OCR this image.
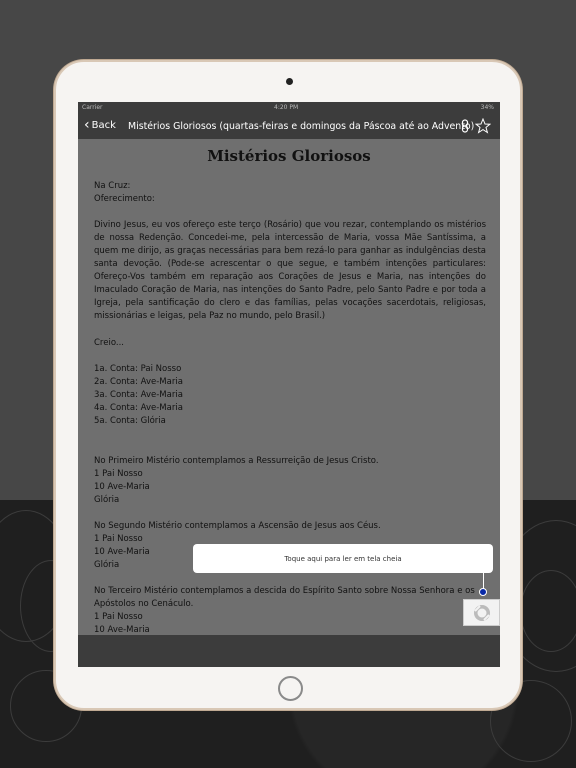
Carrier	4:20 PM	34%
‹ Back Mistérios Gloriosos (quartas-feiras e domingos da Páscoa até ao Advento)
Mistérios Gloriosos
Na Cruz:
Oferecimento:
Divino Jesus, eu vos ofereço este terço (Rosário) que vou rezar, contemplando os mistérios de nossa Redenção. Concedei-me, pela intercessão de Maria, vossa Mãe Santíssima, a quem me dirijo, as graças necessárias para bem rezá-lo para ganhar as indulgências desta santa devoção. (Pode-se acrescentar o que segue, e também intenções particulares: Ofereço-Vos também em reparação aos Corações de Jesus e Maria, nas intenções do Imaculado Coração de Maria, nas intenções do Santo Padre, pelo Santo Padre e por toda a Igreja, pela santificação do clero e das famílias, pelas vocações sacerdotais, religiosas, missionárias e leigas, pela Paz no mundo, pelo Brasil.)
Creio...
1a. Conta: Pai Nosso
2a. Conta: Ave-Maria
3a. Conta: Ave-Maria
4a. Conta: Ave-Maria
5a. Conta: Glória
No Primeiro Mistério contemplamos a Ressurreição de Jesus Cristo.
1 Pai Nosso
10 Ave-Maria
Glória
No Segundo Mistério contemplamos a Ascensão de Jesus aos Céus.
1 Pai Nosso
10 Ave-Maria
Glória
No Terceiro Mistério contemplamos a descida do Espírito Santo sobre Nossa Senhora e os Apóstolos no Cenáculo.
1 Pai Nosso
10 Ave-Maria
Toque aqui para ler em tela cheia
